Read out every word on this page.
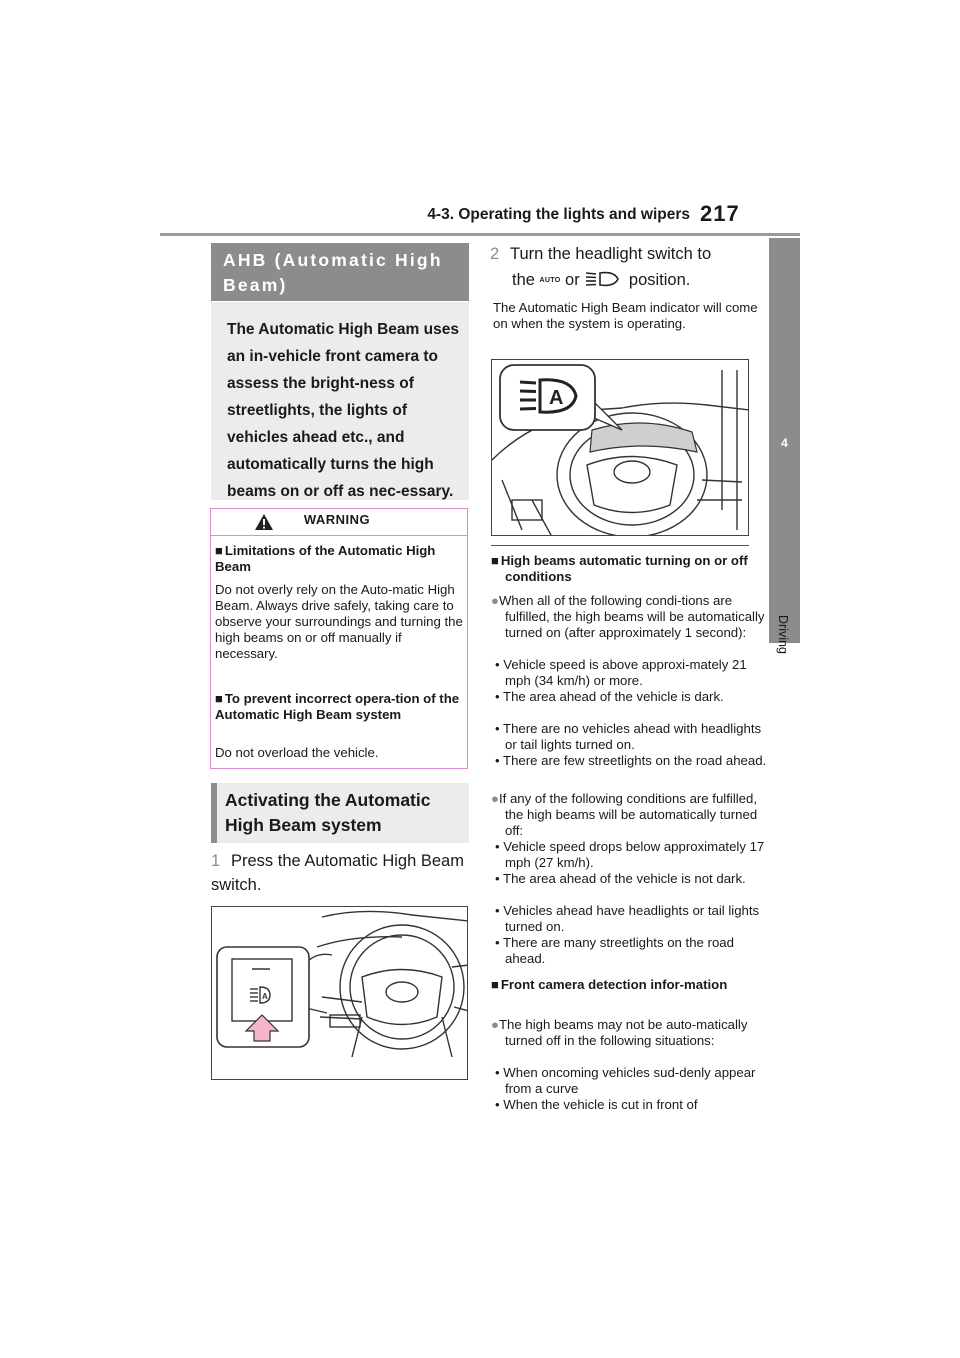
4-3. Operating the lights and wipers 217
4
Driving
AHB (Automatic High Beam)

The Automatic High Beam uses an in-vehicle front camera to assess the bright-ness of streetlights, the lights of vehicles ahead etc., and automatically turns the high beams on or off as nec-essary.

WARNING
■ Limitations of the Automatic High Beam
Do not overly rely on the Auto-matic High Beam. Always drive safely, taking care to observe your surroundings and turning the high beams on or off manually if necessary.
■ To prevent incorrect opera-tion of the Automatic High Beam system
Do not overload the vehicle.
Activating the Automatic High Beam system
1 Press the Automatic High Beam switch.
A
2 Turn the headlight switch to
the AUTO or	position.
The Automatic High Beam indicator will come on when the system is operating.
A
■ High beams automatic turning on or off conditions
●When all of the following condi-tions are fulfilled, the high beams will be automatically turned on (after approximately 1 second):
• Vehicle speed is above approxi-mately 21 mph (34 km/h) or more.
• The area ahead of the vehicle is dark.
• There are no vehicles ahead with headlights or tail lights turned on.
• There are few streetlights on the road ahead.
●If any of the following conditions are fulfilled, the high beams will be automatically turned off:
• Vehicle speed drops below approximately 17 mph (27 km/h).
• The area ahead of the vehicle is not dark.
• Vehicles ahead have headlights or tail lights turned on.
• There are many streetlights on the road ahead.
■ Front camera detection infor-mation
●The high beams may not be auto-matically turned off in the following situations:
• When oncoming vehicles sud-denly appear from a curve
• When the vehicle is cut in front of
